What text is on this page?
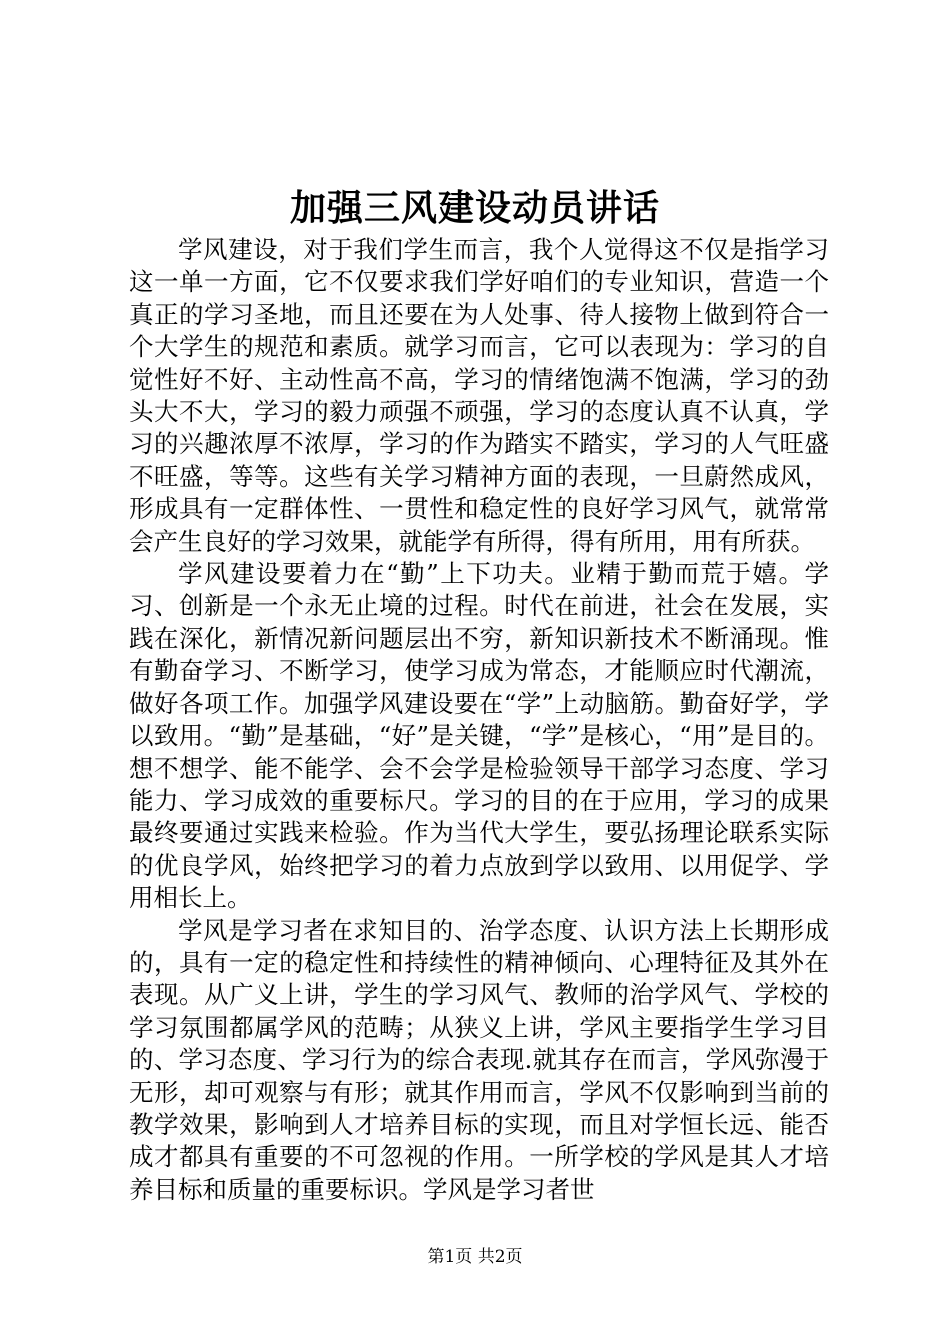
加强三风建设动员讲话

学风建设，对于我们学生而言，我个人觉得这不仅是指学习这一单一方面，它不仅要求我们学好咱们的专业知识，营造一个真正的学习圣地，而且还要在为人处事、待人接物上做到符合一个大学生的规范和素质。就学习而言，它可以表现为：学习的自觉性好不好、主动性高不高，学习的情绪饱满不饱满，学习的劲头大不大，学习的毅力顽强不顽强，学习的态度认真不认真，学习的兴趣浓厚不浓厚，学习的作为踏实不踏实，学习的人气旺盛不旺盛，等等。这些有关学习精神方面的表现，一旦蔚然成风，形成具有一定群体性、一贯性和稳定性的良好学习风气，就常常会产生良好的学习效果，就能学有所得，得有所用，用有所获。

学风建设要着力在“勤”上下功夫。业精于勤而荒于嬉。学习、创新是一个永无止境的过程。时代在前进，社会在发展，实践在深化，新情况新问题层出不穷，新知识新技术不断涌现。惟有勤奋学习、不断学习，使学习成为常态，才能顺应时代潮流，做好各项工作。加强学风建设要在“学”上动脑筋。勤奋好学，学以致用。“勤”是基础，“好”是关键，“学”是核心，“用”是目的。想不想学、能不能学、会不会学是检验领导干部学习态度、学习能力、学习成效的重要标尺。学习的目的在于应用，学习的成果最终要通过实践来检验。作为当代大学生，要弘扬理论联系实际的优良学风，始终把学习的着力点放到学以致用、以用促学、学用相长上。

学风是学习者在求知目的、治学态度、认识方法上长期形成的，具有一定的稳定性和持续性的精神倾向、心理特征及其外在表现。从广义上讲，学生的学习风气、教师的治学风气、学校的学习氛围都属学风的范畴；从狭义上讲，学风主要指学生学习目的、学习态度、学习行为的综合表现.就其存在而言，学风弥漫于无形，却可观察与有形；就其作用而言，学风不仅影响到当前的教学效果，影响到人才培养目标的实现，而且对学恒长远、能否成才都具有重要的不可忽视的作用。一所学校的学风是其人才培养目标和质量的重要标识。学风是学习者世

第1页 共2页
